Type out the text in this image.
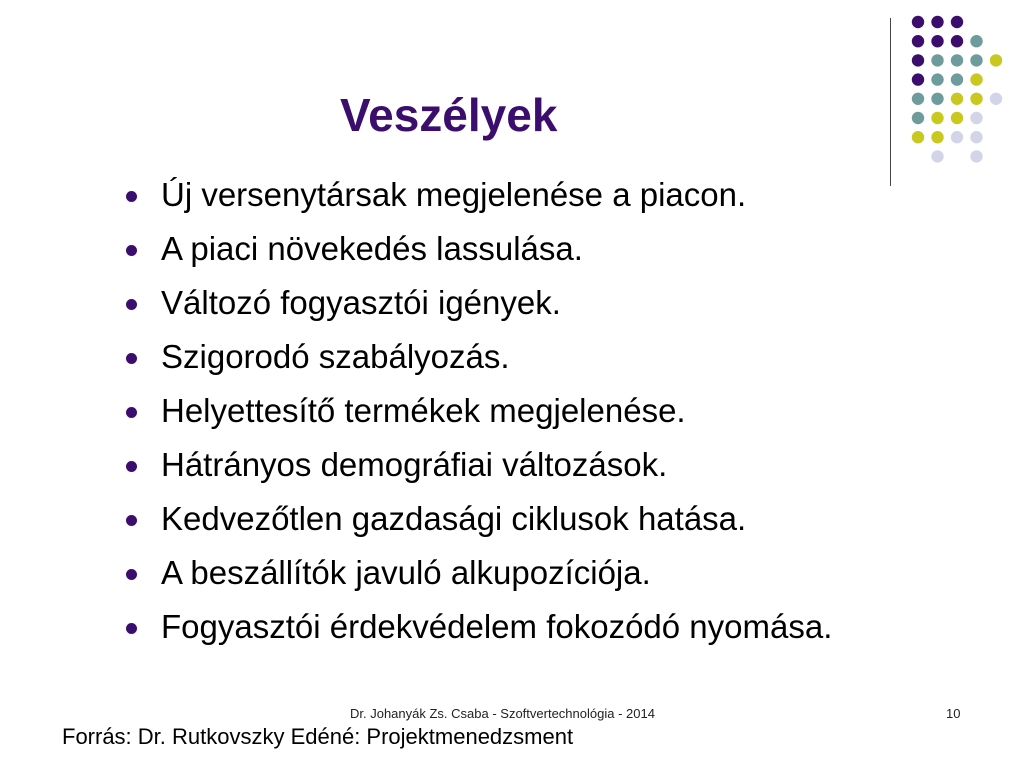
Veszélyek
Új versenytársak megjelenése a piacon.
A piaci növekedés lassulása.
Változó fogyasztói igények.
Szigorodó szabályozás.
Helyettesítő termékek megjelenése.
Hátrányos demográfiai változások.
Kedvezőtlen gazdasági ciklusok hatása.
A beszállítók javuló alkupozíciója.
Fogyasztói érdekvédelem fokozódó nyomása.
Dr. Johanyák Zs. Csaba - Szoftvertechnológia - 2014	10
Forrás: Dr. Rutkovszky Edéné: Projektmenedzsment
